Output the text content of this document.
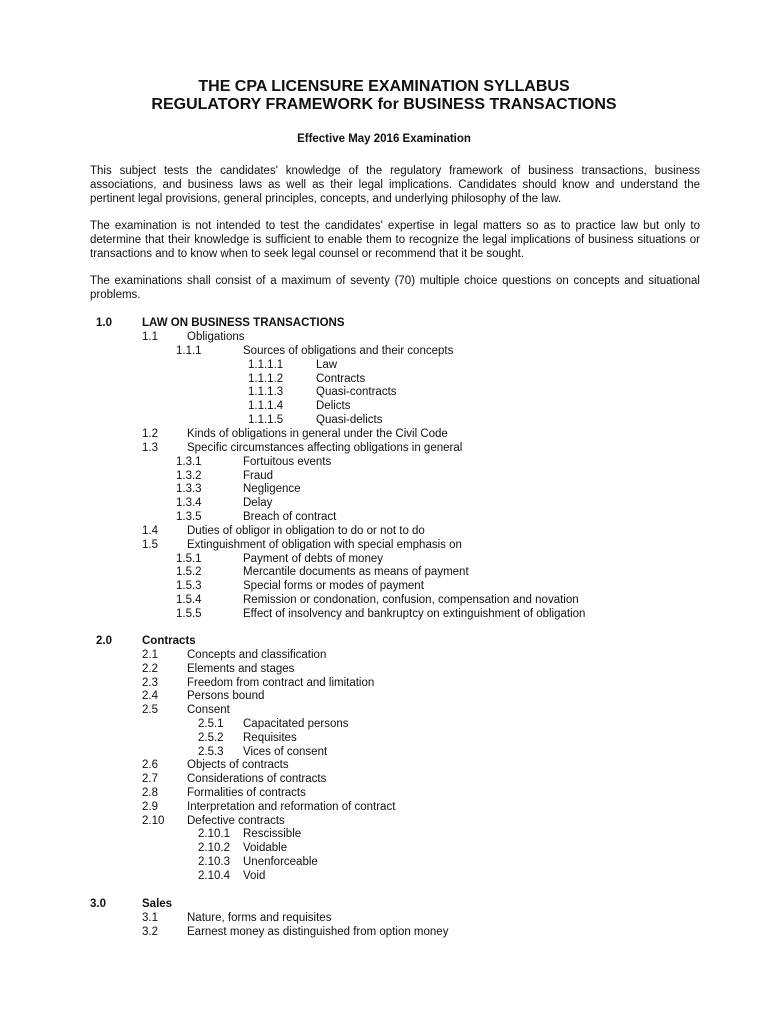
THE CPA LICENSURE EXAMINATION SYLLABUS
REGULATORY FRAMEWORK for BUSINESS TRANSACTIONS
Effective May 2016 Examination
This subject tests the candidates' knowledge of the regulatory framework of business transactions, business associations, and business laws as well as their legal implications. Candidates should know and understand the pertinent legal provisions, general principles, concepts, and underlying philosophy of the law.
The examination is not intended to test the candidates' expertise in legal matters so as to practice law but only to determine that their knowledge is sufficient to enable them to recognize the legal implications of business situations or transactions and to know when to seek legal counsel or recommend that it be sought.
The examinations shall consist of a maximum of seventy (70) multiple choice questions on concepts and situational problems.
1.0	LAW ON BUSINESS TRANSACTIONS
1.1	Obligations
1.1.1	Sources of obligations and their concepts
1.1.1.1	Law
1.1.1.2	Contracts
1.1.1.3	Quasi-contracts
1.1.1.4	Delicts
1.1.1.5	Quasi-delicts
1.2	Kinds of obligations in general under the Civil Code
1.3	Specific circumstances affecting obligations in general
1.3.1	Fortuitous events
1.3.2	Fraud
1.3.3	Negligence
1.3.4	Delay
1.3.5	Breach of contract
1.4	Duties of obligor in obligation to do or not to do
1.5	Extinguishment of obligation with special emphasis on
1.5.1	Payment of debts of money
1.5.2	Mercantile documents as means of payment
1.5.3	Special forms or modes of payment
1.5.4	Remission or condonation, confusion, compensation and novation
1.5.5	Effect of insolvency and bankruptcy on extinguishment of obligation
2.0	Contracts
2.1	Concepts and classification
2.2	Elements and stages
2.3	Freedom from contract and limitation
2.4	Persons bound
2.5	Consent
2.5.1 Capacitated persons
2.5.2 Requisites
2.5.3 Vices of consent
2.6	Objects of contracts
2.7	Considerations of contracts
2.8	Formalities of contracts
2.9	Interpretation and reformation of contract
2.10 Defective contracts
2.10.1 Rescissible
2.10.2 Voidable
2.10.3 Unenforceable
2.10.4 Void
3.0	Sales
3.1	Nature, forms and requisites
3.2	Earnest money as distinguished from option money
